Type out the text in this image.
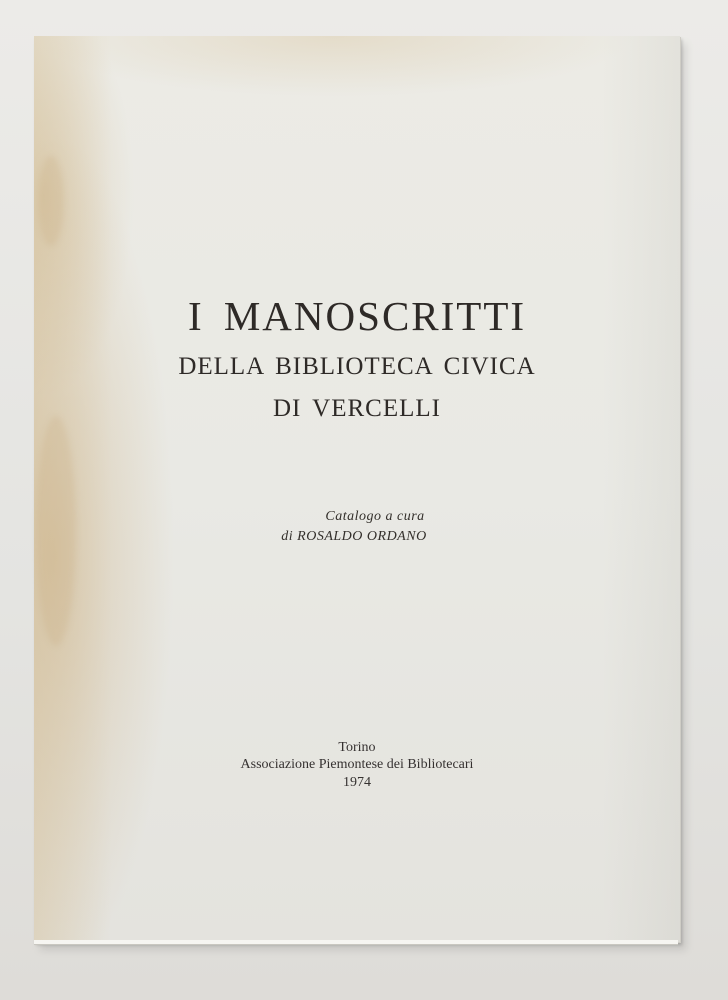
I MANOSCRITTI
DELLA BIBLIOTECA CIVICA
DI VERCELLI
Catalogo a cura
di ROSALDO ORDANO
Torino
Associazione Piemontese dei Bibliotecari
1974
